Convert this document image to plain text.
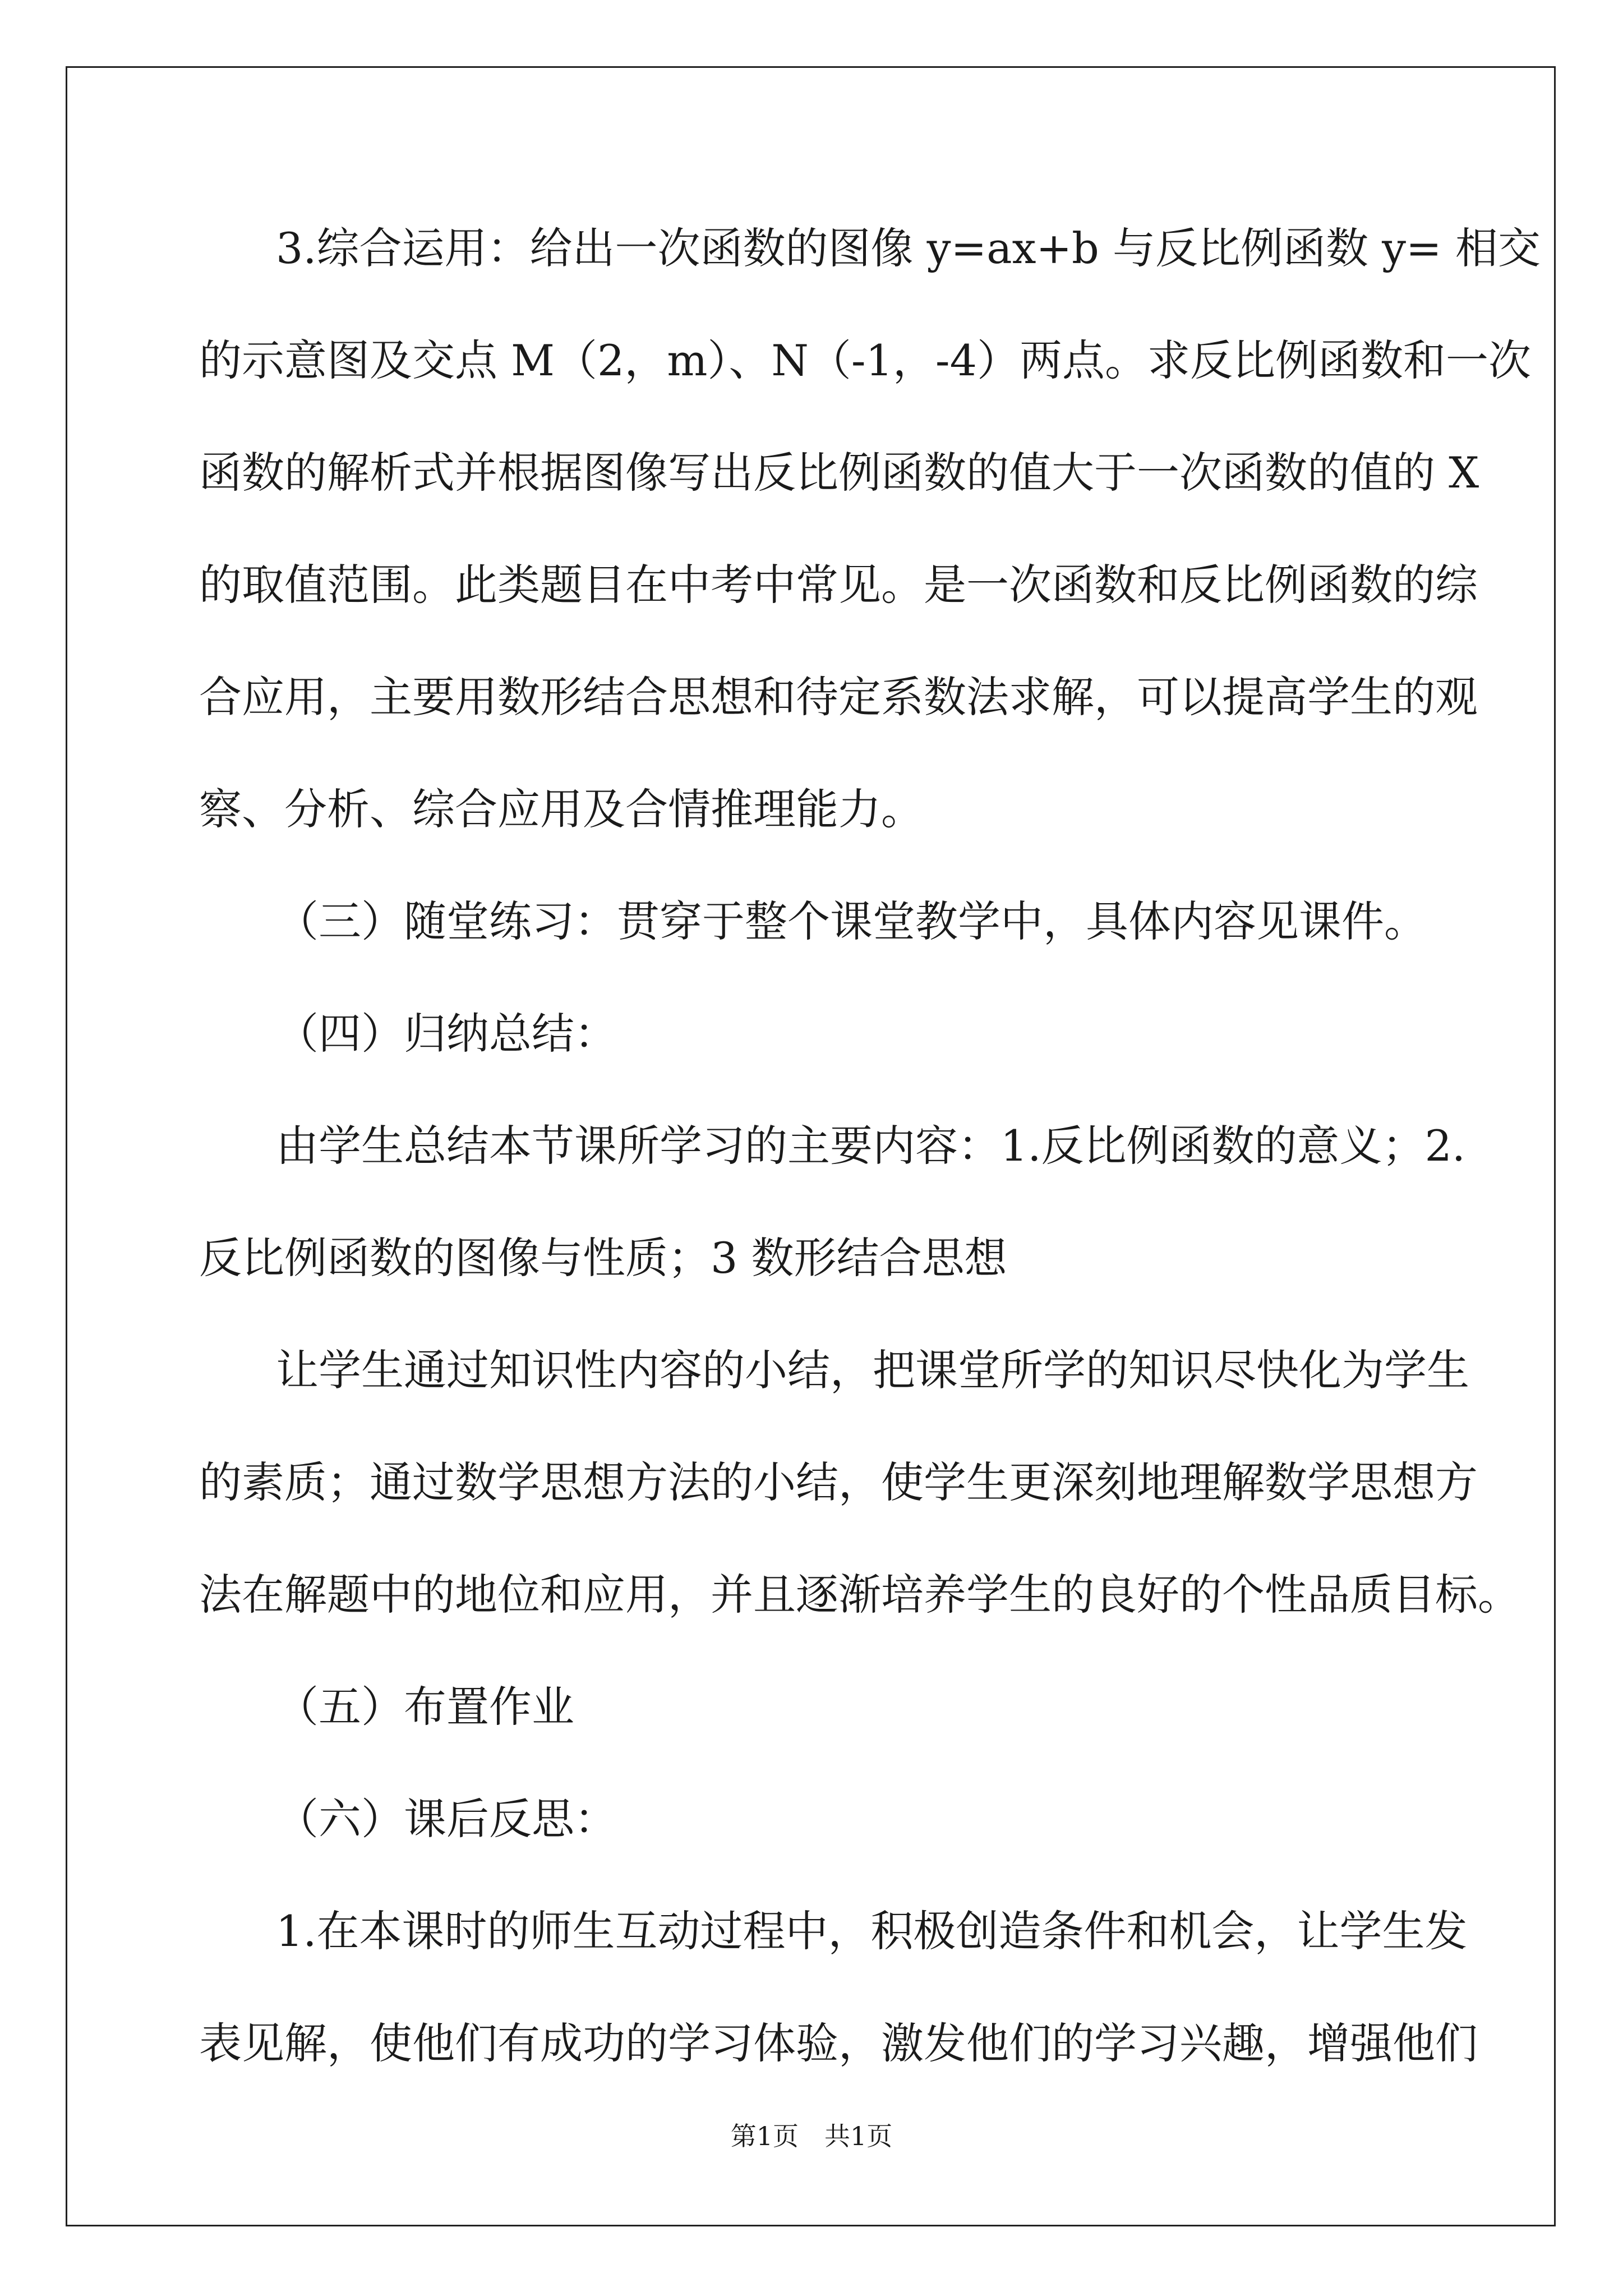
3.综合运用：给出一次函数的图像 y=ax+b 与反比例函数 y= 相交

的示意图及交点 M（2，m）、N（-1，-4）两点。求反比例函数和一次

函数的解析式并根据图像写出反比例函数的值大于一次函数的值的 X

的取值范围。此类题目在中考中常见。是一次函数和反比例函数的综

合应用，主要用数形结合思想和待定系数法求解，可以提高学生的观

察、分析、综合应用及合情推理能力。

（三）随堂练习：贯穿于整个课堂教学中，具体内容见课件。

（四）归纳总结：

由学生总结本节课所学习的主要内容：1.反比例函数的意义；2.

反比例函数的图像与性质；3 数形结合思想

让学生通过知识性内容的小结，把课堂所学的知识尽快化为学生

的素质；通过数学思想方法的小结，使学生更深刻地理解数学思想方

法在解题中的地位和应用，并且逐渐培养学生的良好的个性品质目标。

（五）布置作业

（六）课后反思：

1.在本课时的师生互动过程中，积极创造条件和机会，让学生发

表见解，使他们有成功的学习体验，激发他们的学习兴趣，增强他们

第1页　共1页
